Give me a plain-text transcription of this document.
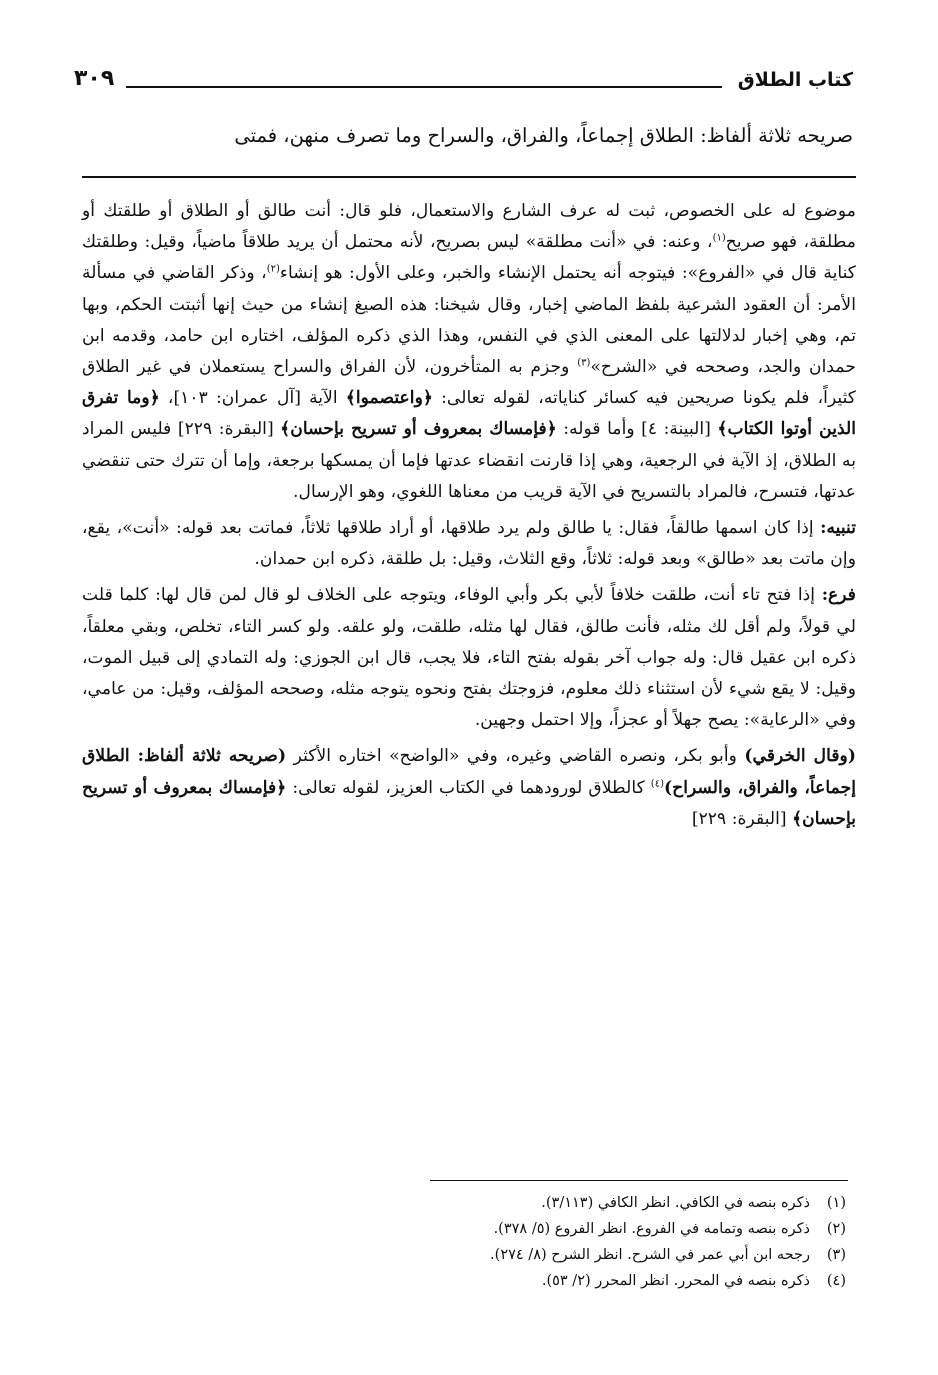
كتاب الطلاق
٣٠٩
صريحه ثلاثة ألفاظ: الطلاق إجماعاً، والفراق، والسراح وما تصرف منهن، فمتى

موضوع له على الخصوص، ثبت له عرف الشارع والاستعمال، فلو قال: أنت طالق أو الطلاق أو طلقتك أو مطلقة، فهو صريح$^{(١)}$، وعنه: في «أنت مطلقة» ليس بصريح، لأنه محتمل أن يريد طلاقاً ماضياً، وقيل: وطلقتك كناية قال في «الفروع»: فيتوجه أنه يحتمل الإنشاء والخبر، وعلى الأول: هو إنشاء$^{(٢)}$، وذكر القاضي في مسألة الأمر: أن العقود الشرعية بلفظ الماضي إخبار، وقال شيخنا: هذه الصيغ إنشاء من حيث إنها أثبتت الحكم، وبها تم، وهي إخبار لدلالتها على المعنى الذي في النفس، وهذا الذي ذكره المؤلف، اختاره ابن حامد، وقدمه ابن حمدان والجد، وصححه في «الشرح»$^{(٣)}$ وجزم به المتأخرون، لأن الفراق والسراح يستعملان في غير الطلاق كثيراً، فلم يكونا صريحين فيه كسائر كناياته، لقوله تعالى: ﴿واعتصموا﴾ الآية [آل عمران: ١٠٣]، ﴿وما تفرق الذين أوتوا الكتاب﴾ [البينة: ٤] وأما قوله: ﴿فإمساك بمعروف أو تسريح بإحسان﴾ [البقرة: ٢٢٩] فليس المراد به الطلاق، إذ الآية في الرجعية، وهي إذا قارنت انقضاء عدتها فإما أن يمسكها برجعة، وإما أن تترك حتى تنقضي عدتها، فتسرح، فالمراد بالتسريح في الآية قريب من معناها اللغوي، وهو الإرسال.

تنبيه: إذا كان اسمها طالقاً، فقال: يا طالق ولم يرد طلاقها، أو أراد طلاقها ثلاثاً، فماتت بعد قوله: «أنت»، يقع، وإن ماتت بعد «طالق» وبعد قوله: ثلاثاً، وقع الثلاث، وقيل: بل طلقة، ذكره ابن حمدان.

فرع: إذا فتح تاء أنت، طلقت خلافاً لأبي بكر وأبي الوفاء، ويتوجه على الخلاف لو قال لمن قال لها: كلما قلت لي قولاً، ولم أقل لك مثله، فأنت طالق، فقال لها مثله، طلقت، ولو علقه. ولو كسر التاء، تخلص، وبقي معلقاً، ذكره ابن عقيل قال: وله جواب آخر بقوله بفتح التاء، فلا يجب، قال ابن الجوزي: وله التمادي إلى قبيل الموت، وقيل: لا يقع شيء لأن استثناء ذلك معلوم، فزوجتك بفتح ونحوه يتوجه مثله، وصححه المؤلف، وقيل: من عامي، وفي «الرعاية»: يصح جهلاً أو عجزاً، وإلا احتمل وجهين.

(وقال الخرقي) وأبو بكر، ونصره القاضي وغيره، وفي «الواضح» اختاره الأكثر (صريحه ثلاثة ألفاظ: الطلاق إجماعاً، والفراق، والسراح)$^{(٤)}$ كالطلاق لورودهما في الكتاب العزيز، لقوله تعالى: ﴿فإمساك بمعروف أو تسريح بإحسان﴾ [البقرة: ٢٢٩]

(١)ذكره بنصه في الكافي. انظر الكافي (٣/١١٣).
(٢)ذكره بنصه وتمامه في الفروع. انظر الفروع (٥/ ٣٧٨).
(٣)رجحه ابن أبي عمر في الشرح. انظر الشرح (٨/ ٢٧٤).
(٤)ذكره بنصه في المحرر. انظر المحرر (٢/ ٥٣).
